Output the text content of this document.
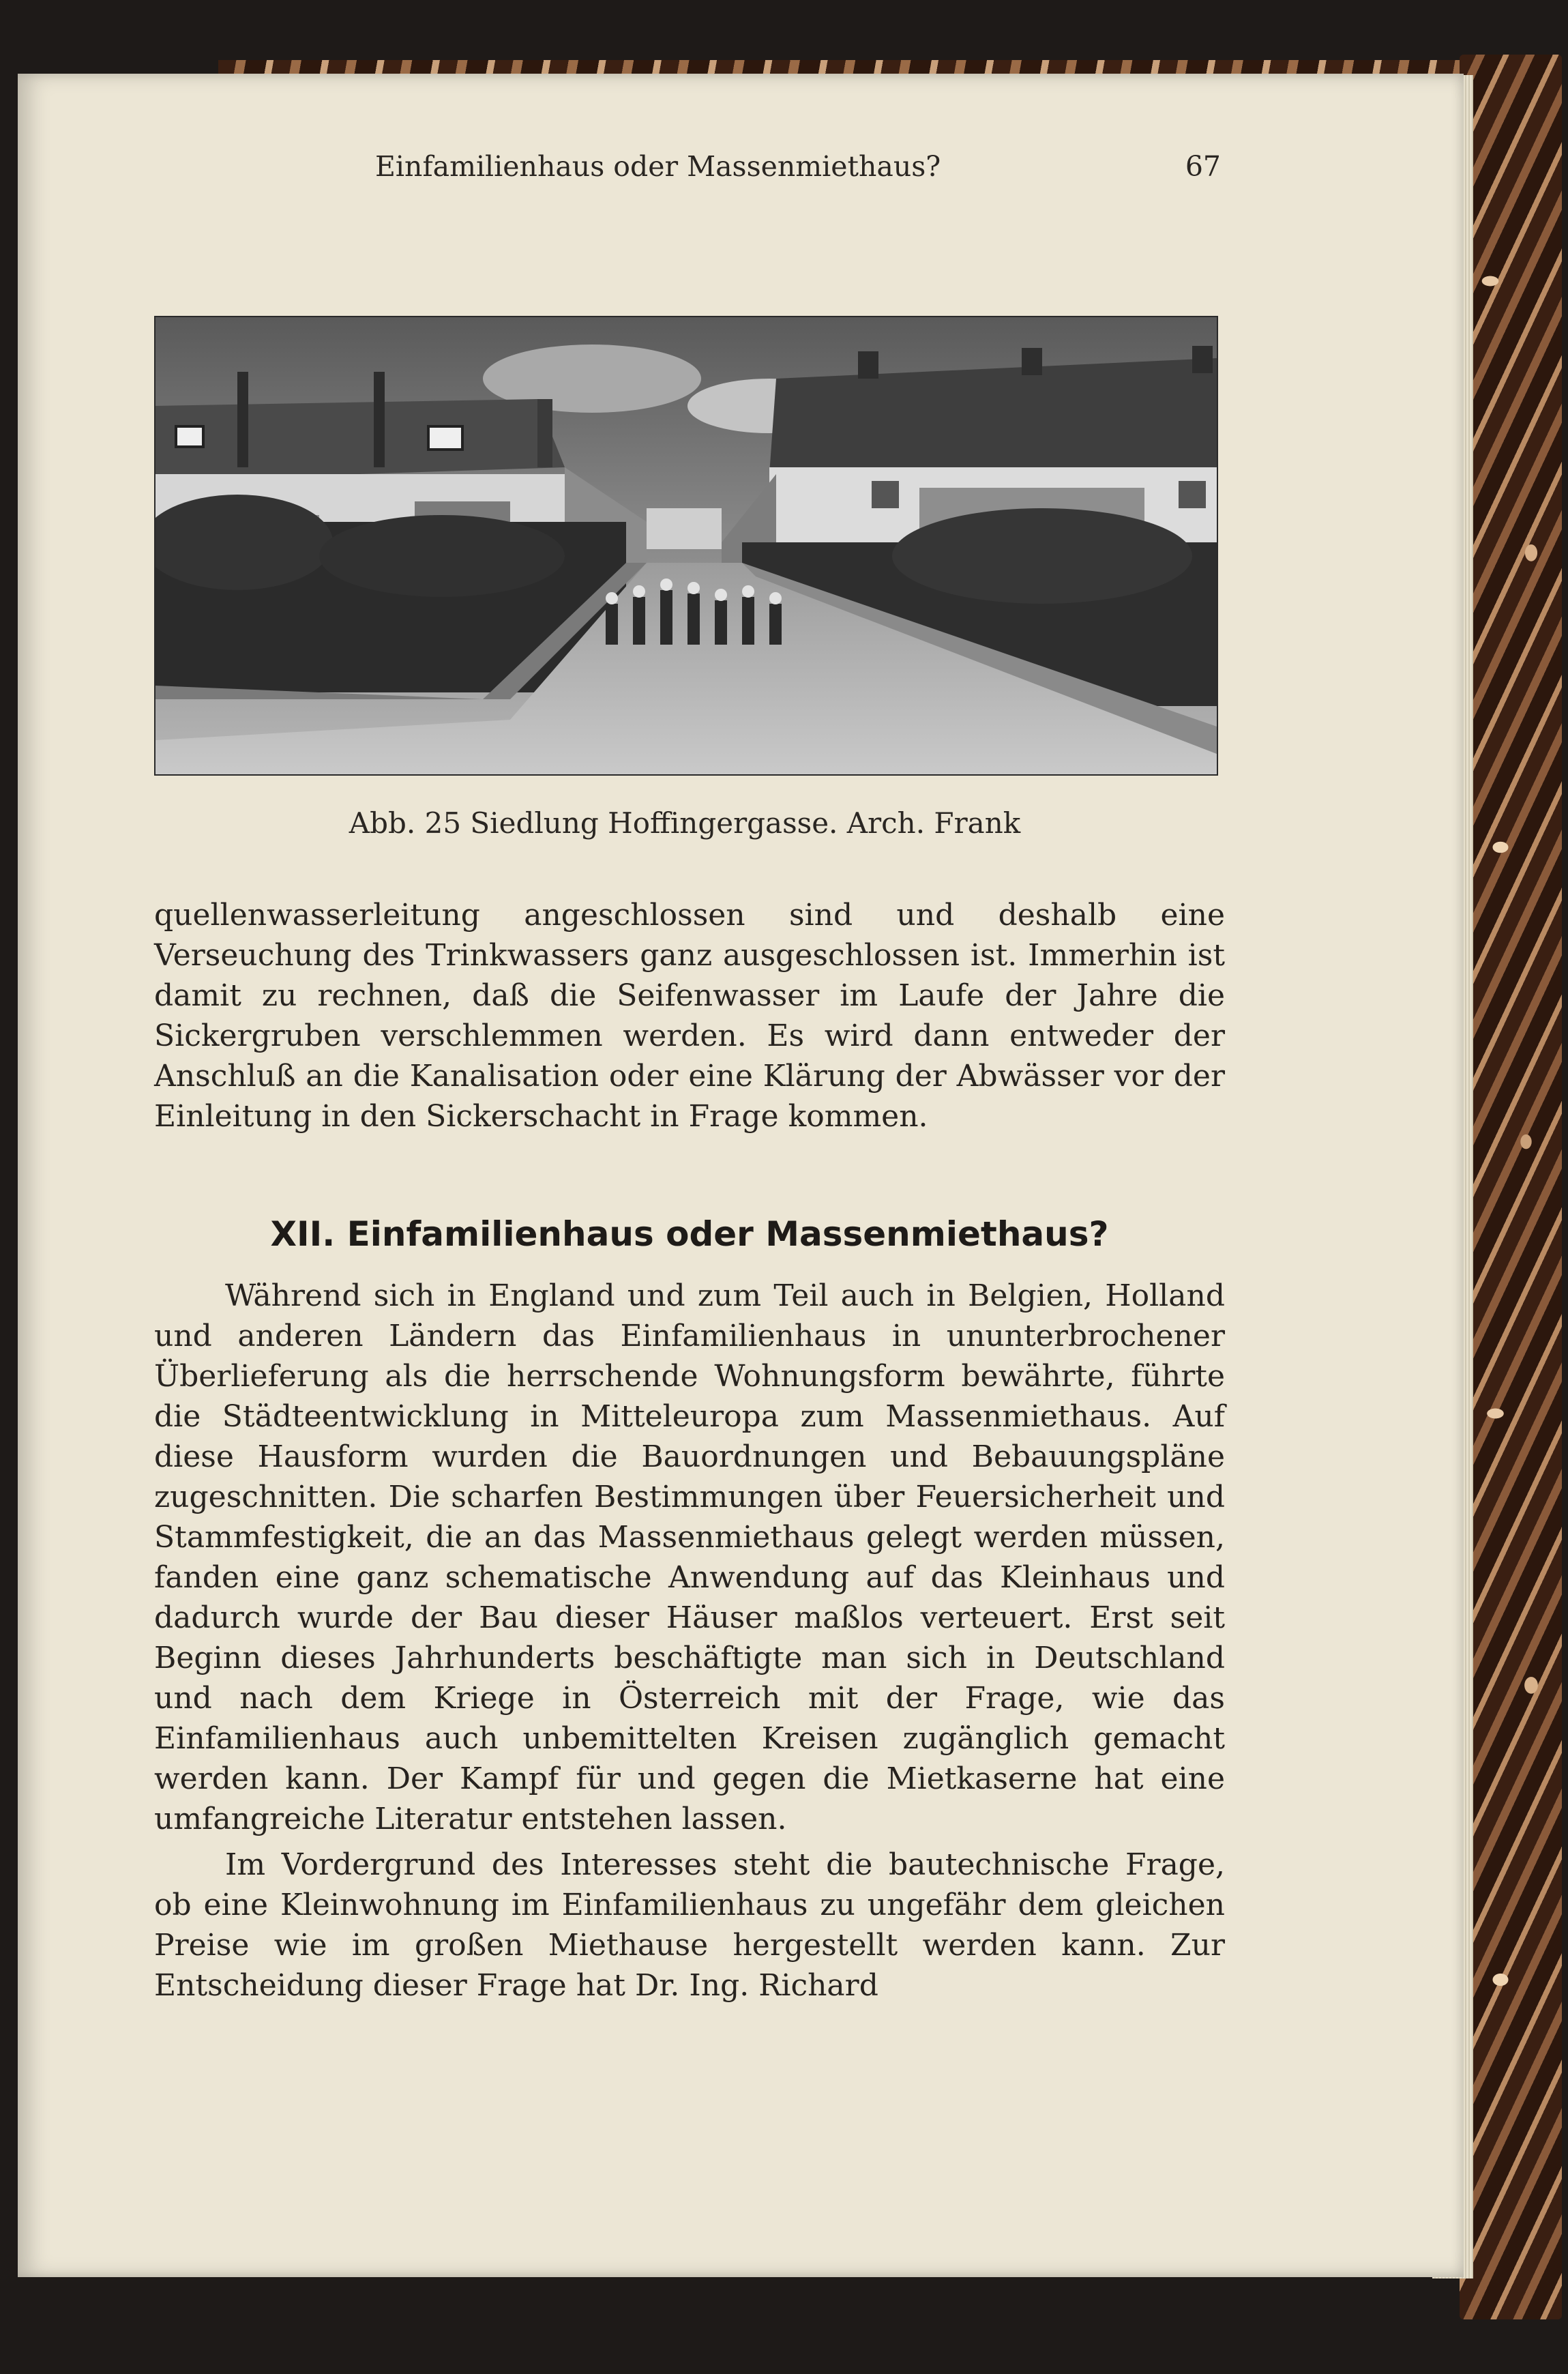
Einfamilienhaus oder Massenmiethaus?	67
Abb. 25 Siedlung Hoffingergasse. Arch. Frank

quellenwasserleitung angeschlossen sind und deshalb eine Verseuchung des Trinkwassers ganz ausgeschlossen ist. Immerhin ist damit zu rechnen, daß die Seifenwasser im Laufe der Jahre die Sickergruben verschlemmen werden. Es wird dann entweder der Anschluß an die Kanalisation oder eine Klärung der Abwässer vor der Einleitung in den Sickerschacht in Frage kommen.

XII. Einfamilienhaus oder Massenmiethaus?

Während sich in England und zum Teil auch in Belgien, Holland und anderen Ländern das Einfamilienhaus in ununterbrochener Überlieferung als die herrschende Wohnungsform bewährte, führte die Städteentwicklung in Mitteleuropa zum Massenmiethaus. Auf diese Hausform wurden die Bauordnungen und Bebauungspläne zugeschnitten. Die scharfen Bestimmungen über Feuersicherheit und Stammfestigkeit, die an das Massenmiethaus gelegt werden müssen, fanden eine ganz schematische Anwendung auf das Kleinhaus und dadurch wurde der Bau dieser Häuser maßlos verteuert. Erst seit Beginn dieses Jahrhunderts beschäftigte man sich in Deutschland und nach dem Kriege in Österreich mit der Frage, wie das Einfamilienhaus auch unbemittelten Kreisen zugänglich gemacht werden kann. Der Kampf für und gegen die Mietkaserne hat eine umfangreiche Literatur entstehen lassen.

Im Vordergrund des Interesses steht die bautechnische Frage, ob eine Kleinwohnung im Einfamilienhaus zu ungefähr dem gleichen Preise wie im großen Miethause hergestellt werden kann. Zur Entscheidung dieser Frage hat Dr. Ing. Richard
